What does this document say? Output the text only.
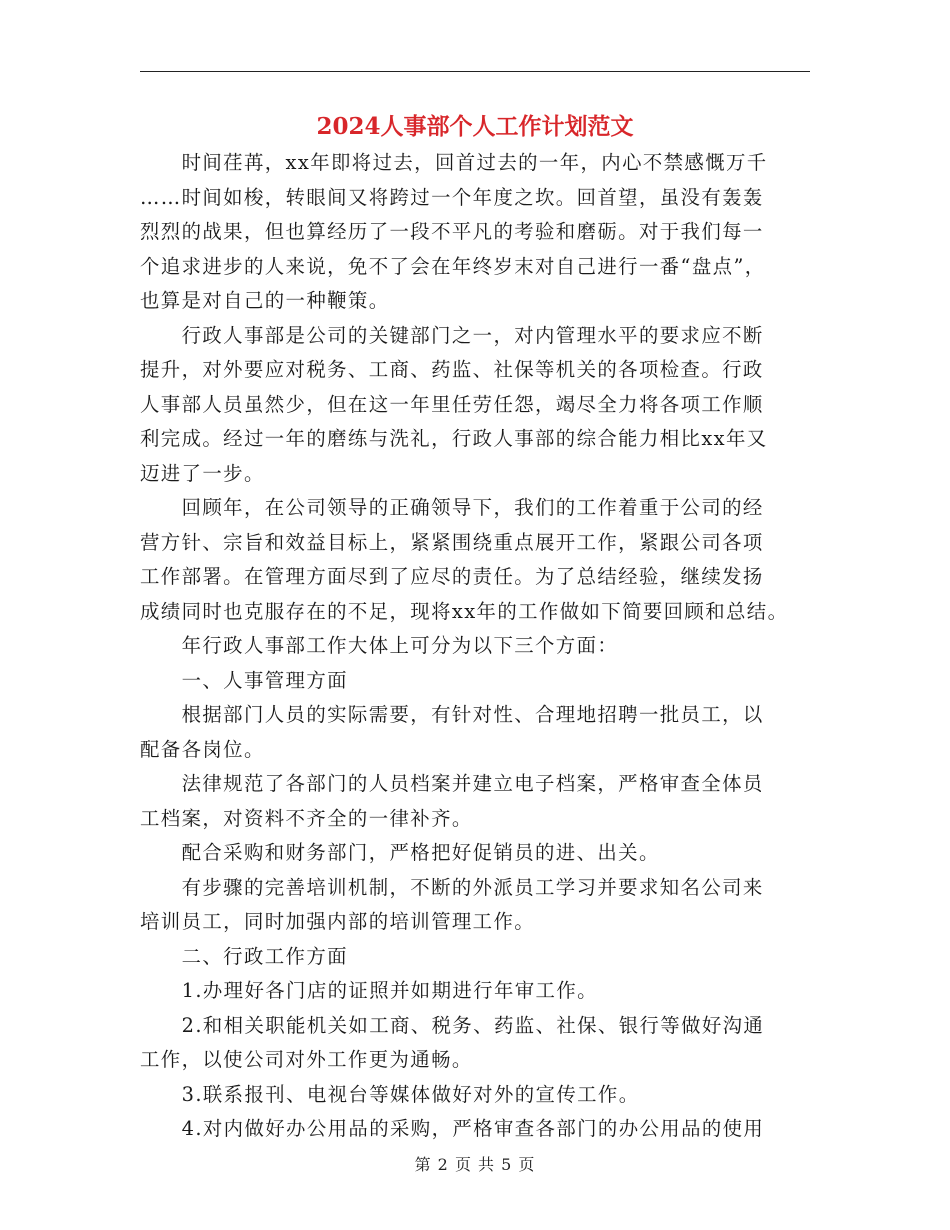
2024人事部个人工作计划范文

　　时间荏苒，xx年即将过去，回首过去的一年，内心不禁感慨万千
……时间如梭，转眼间又将跨过一个年度之坎。回首望，虽没有轰轰
烈烈的战果，但也算经历了一段不平凡的考验和磨砺。对于我们每一
个追求进步的人来说，免不了会在年终岁末对自己进行一番“盘点”，
也算是对自己的一种鞭策。

　　行政人事部是公司的关键部门之一，对内管理水平的要求应不断
提升，对外要应对税务、工商、药监、社保等机关的各项检查。行政
人事部人员虽然少，但在这一年里任劳任怨，竭尽全力将各项工作顺
利完成。经过一年的磨练与洗礼，行政人事部的综合能力相比xx年又
迈进了一步。

　　回顾年，在公司领导的正确领导下，我们的工作着重于公司的经
营方针、宗旨和效益目标上，紧紧围绕重点展开工作，紧跟公司各项
工作部署。在管理方面尽到了应尽的责任。为了总结经验，继续发扬
成绩同时也克服存在的不足，现将xx年的工作做如下简要回顾和总结。

　　年行政人事部工作大体上可分为以下三个方面：

　　一、人事管理方面

　　根据部门人员的实际需要，有针对性、合理地招聘一批员工，以
配备各岗位。

　　法律规范了各部门的人员档案并建立电子档案，严格审查全体员
工档案，对资料不齐全的一律补齐。

　　配合采购和财务部门，严格把好促销员的进、出关。

　　有步骤的完善培训机制，不断的外派员工学习并要求知名公司来
培训员工，同时加强内部的培训管理工作。

　　二、行政工作方面

　　1.办理好各门店的证照并如期进行年审工作。

　　2.和相关职能机关如工商、税务、药监、社保、银行等做好沟通
工作，以使公司对外工作更为通畅。

　　3.联系报刊、电视台等媒体做好对外的宣传工作。

　　4.对内做好办公用品的采购，严格审查各部门的办公用品的使用

第 2 页 共 5 页
